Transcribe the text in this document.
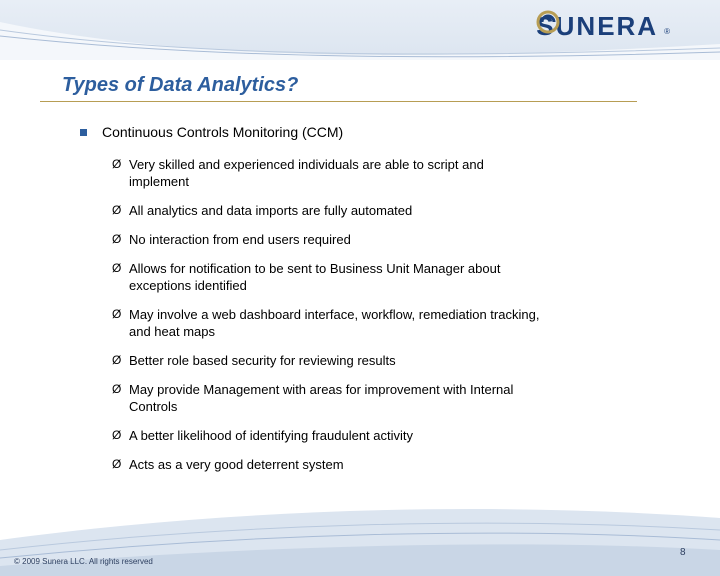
SUNERA ®
Types of Data Analytics?
Continuous Controls Monitoring (CCM)
Ø Very skilled and experienced individuals are able to script and
implement
Ø All analytics and data imports are fully automated
Ø No interaction from end users required
Ø Allows for notification to be sent to Business Unit Manager about
exceptions identified
Ø May involve a web dashboard interface, workflow, remediation tracking,
and heat maps
Ø Better role based security for reviewing results
Ø May provide Management with areas for improvement with Internal
Controls
Ø A better likelihood of identifying fraudulent activity
Ø Acts as a very good deterrent system
© 2009 Sunera LLC. All rights reserved
8
